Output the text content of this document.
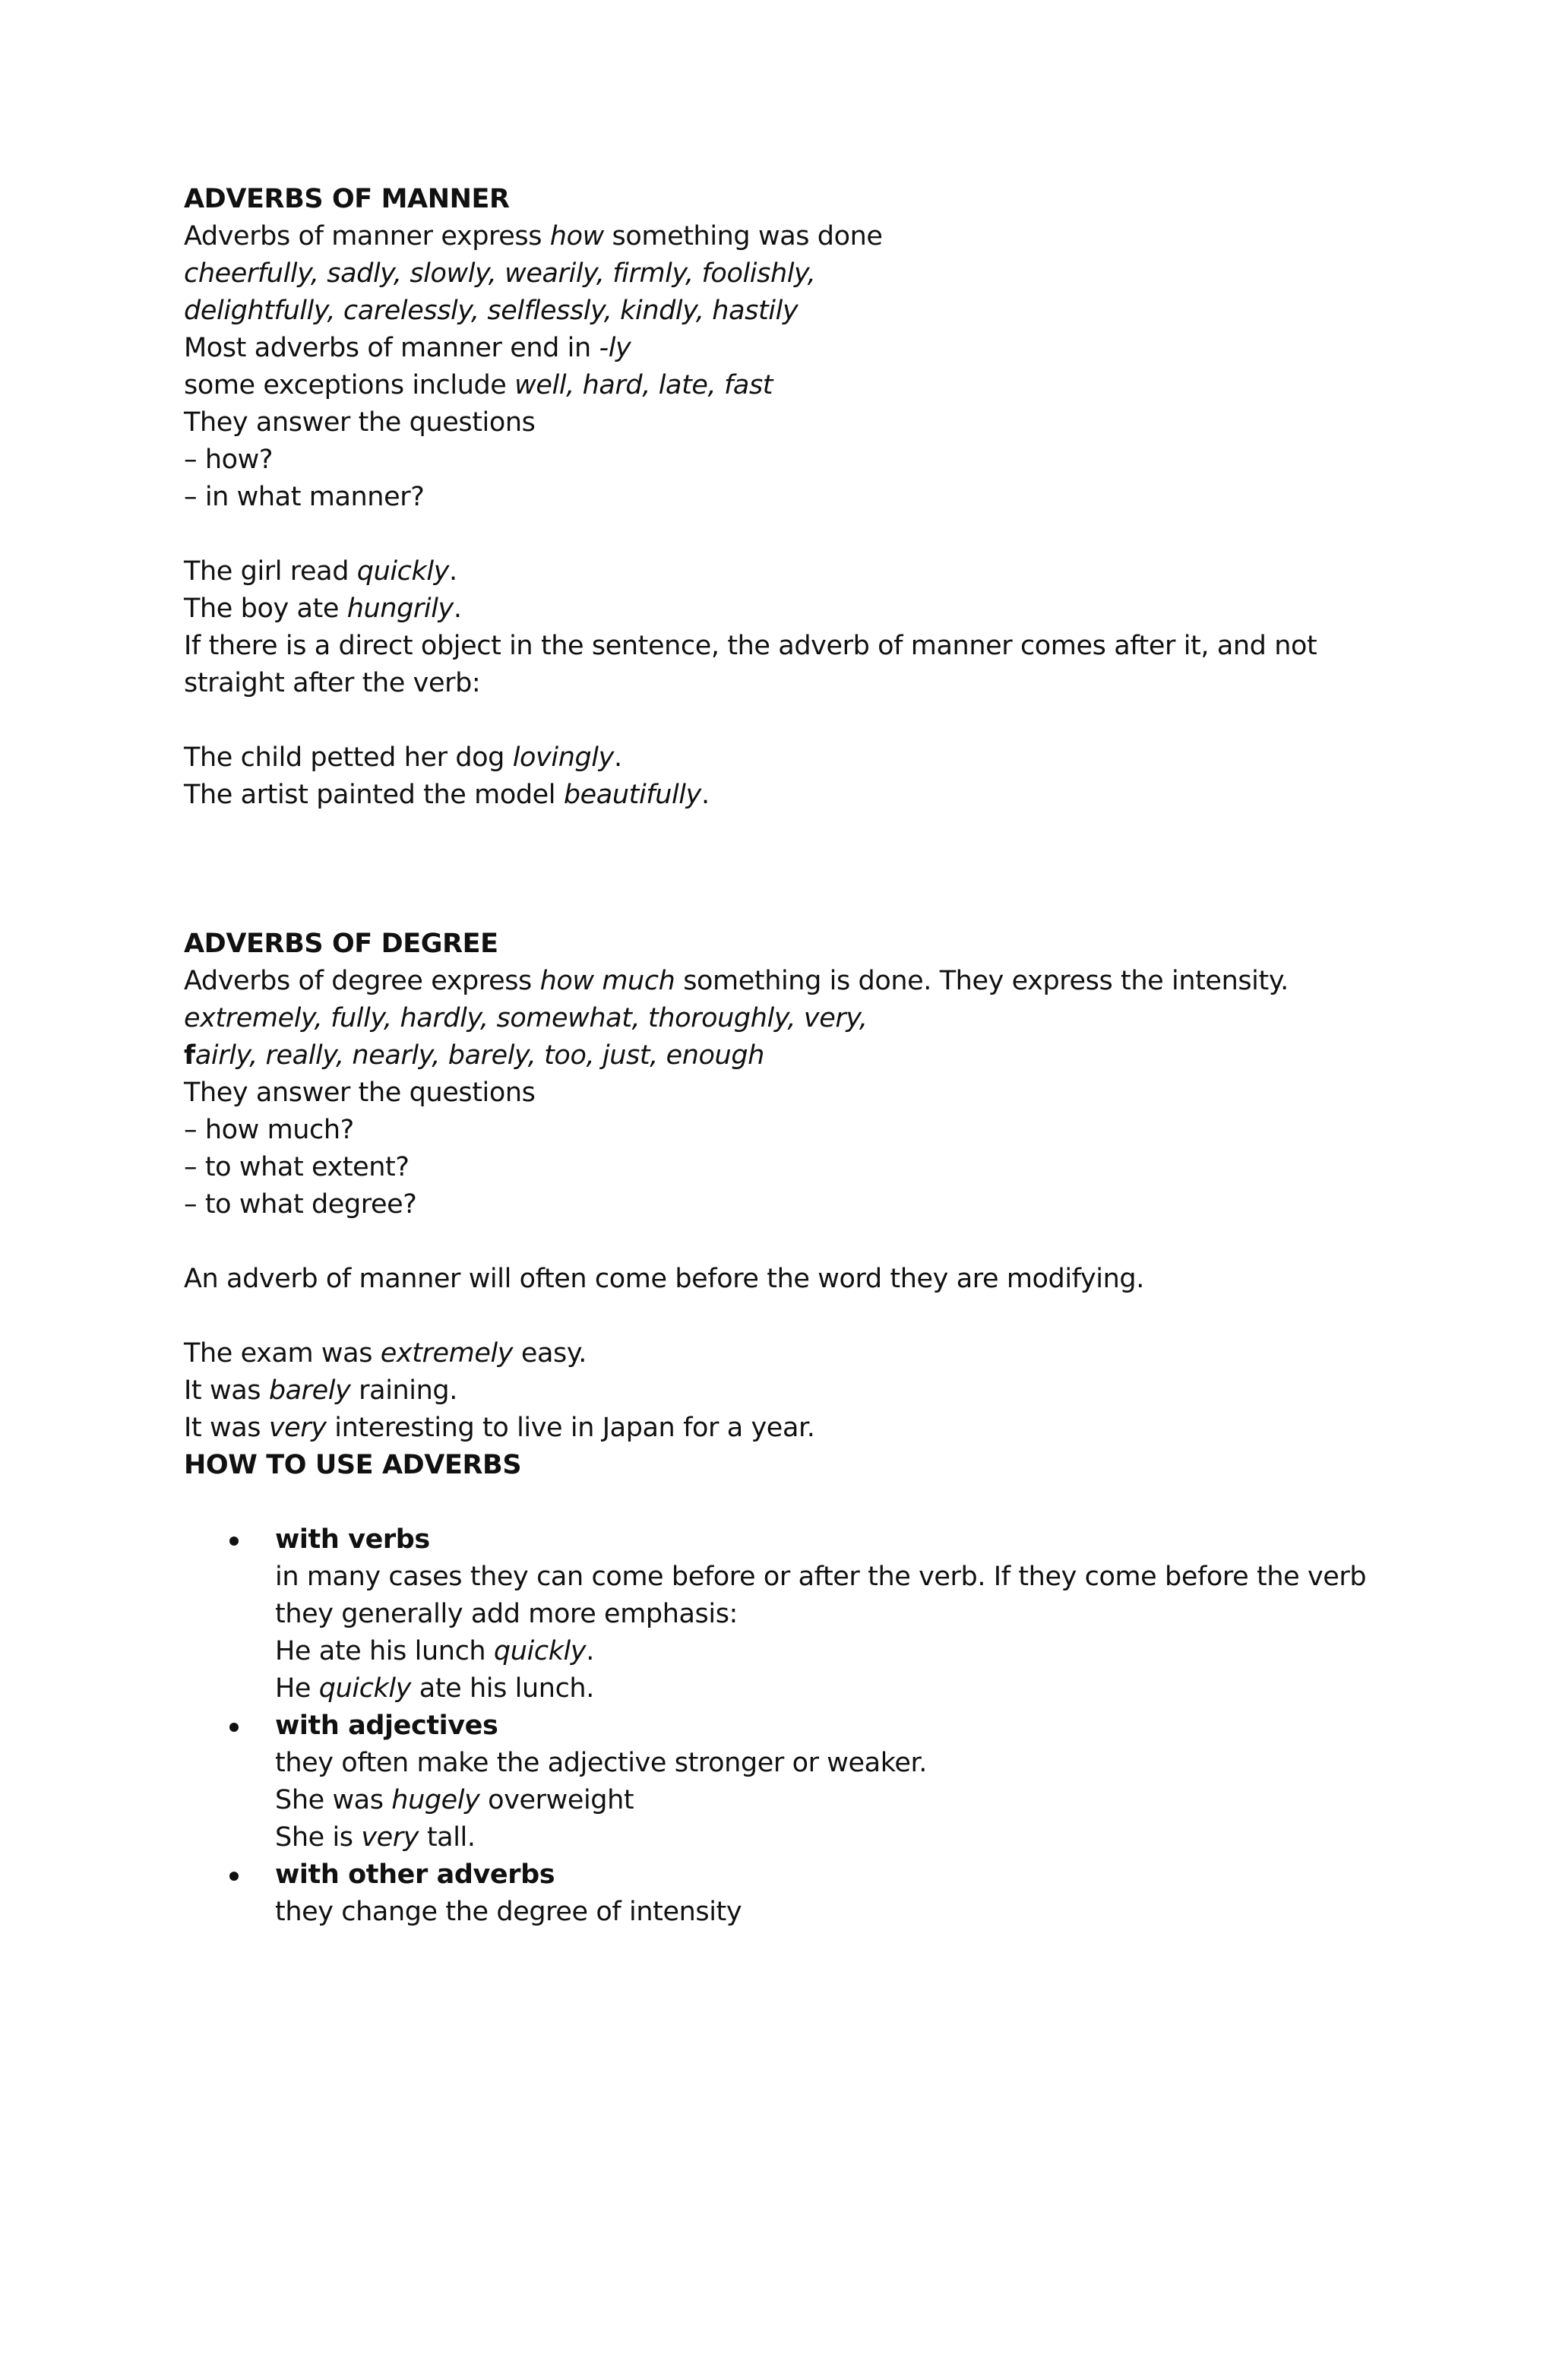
ADVERBS OF MANNER
Adverbs of manner express how something was done
cheerfully, sadly, slowly, wearily, firmly, foolishly,
delightfully, carelessly, selflessly, kindly, hastily
Most adverbs of manner end in -ly
some exceptions include well, hard, late, fast
They answer the questions
– how?
– in what manner?
The girl read quickly.
The boy ate hungrily.
If there is a direct object in the sentence, the adverb of manner comes after it, and not straight after the verb:
The child petted her dog lovingly.
The artist painted the model beautifully.
ADVERBS OF DEGREE
Adverbs of degree express how much something is done. They express the intensity.
extremely, fully, hardly, somewhat, thoroughly, very,
fairly, really, nearly, barely, too, just, enough
They answer the questions
– how much?
– to what extent?
– to what degree?
An adverb of manner will often come before the word they are modifying.
The exam was extremely easy.
It was barely raining.
It was very interesting to live in Japan for a year.
HOW TO USE ADVERBS
with verbs
in many cases they can come before or after the verb. If they come before the verb they generally add more emphasis:
He ate his lunch quickly.
He quickly ate his lunch.
with adjectives
they often make the adjective stronger or weaker.
She was hugely overweight
She is very tall.
with other adverbs
they change the degree of intensity
